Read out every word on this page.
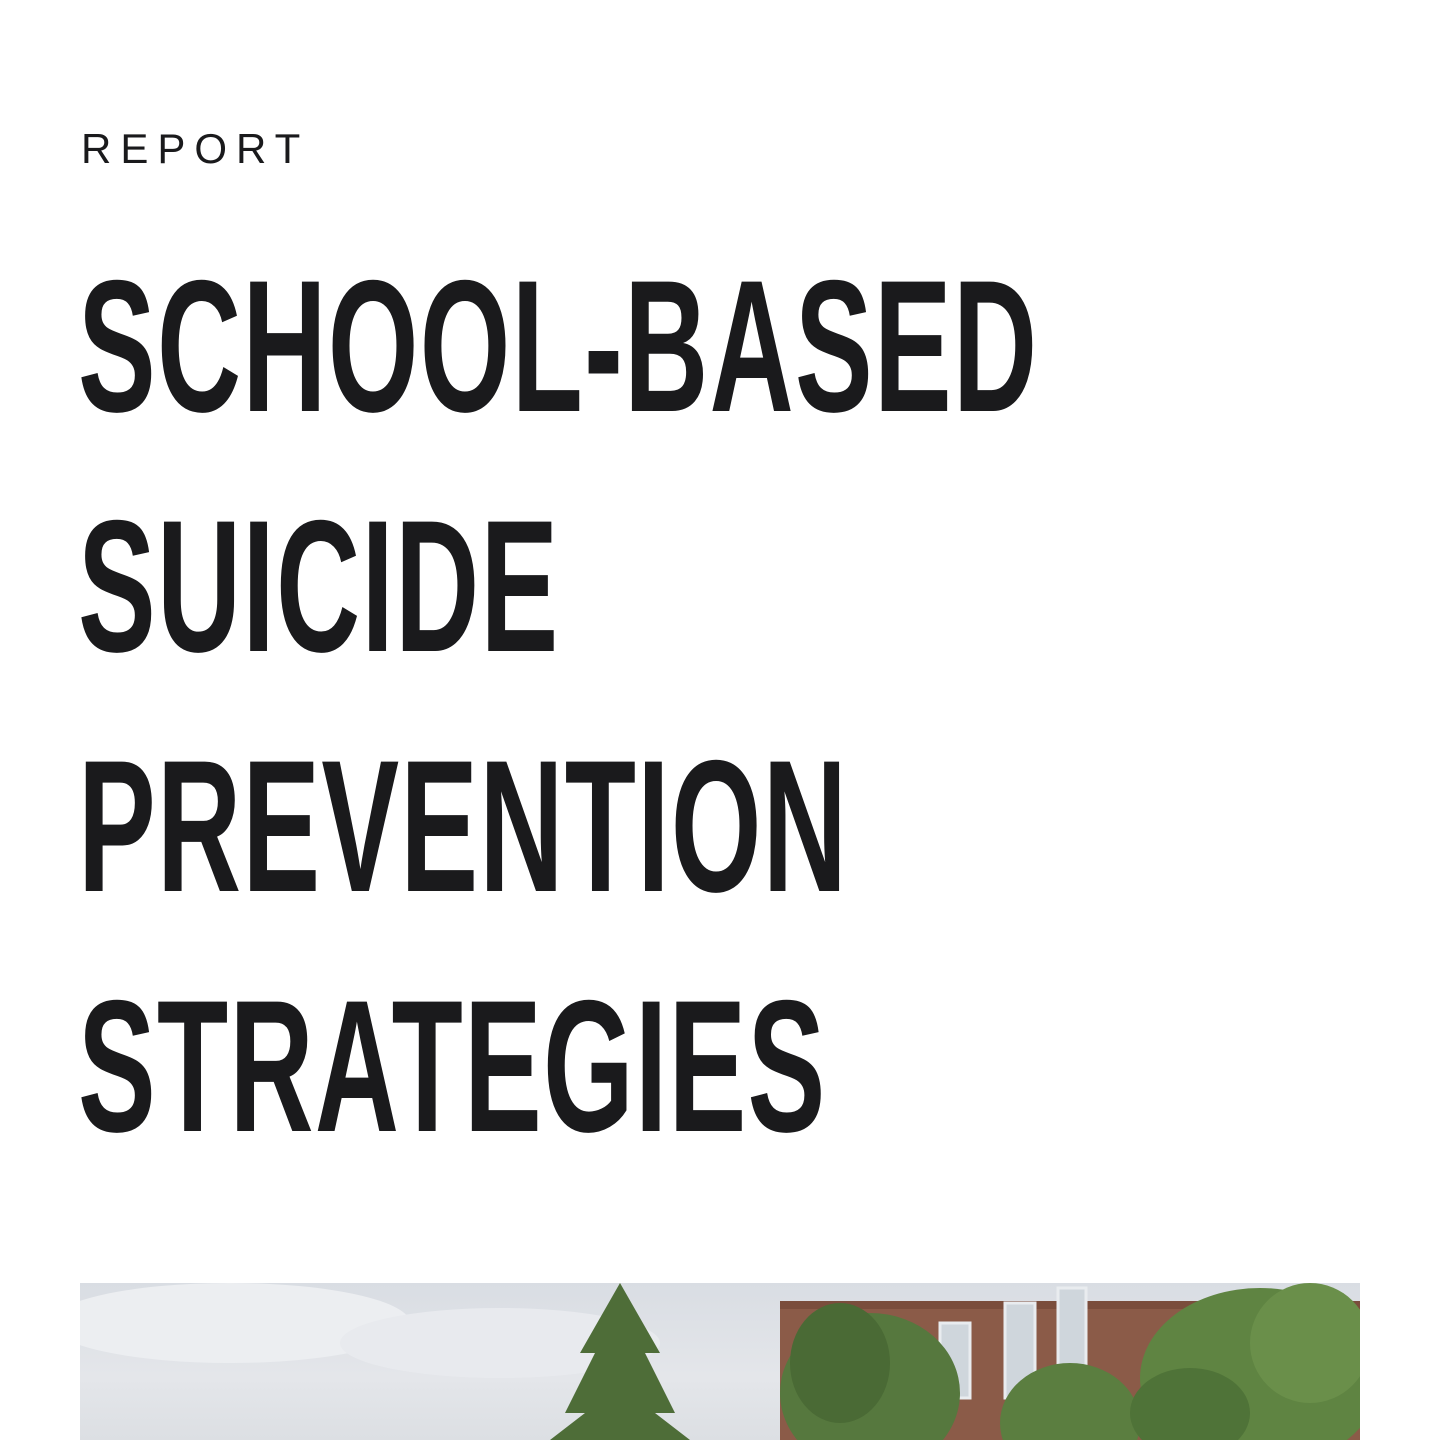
REPORT
SCHOOL-BASED
SUICIDE
PREVENTION
STRATEGIES
